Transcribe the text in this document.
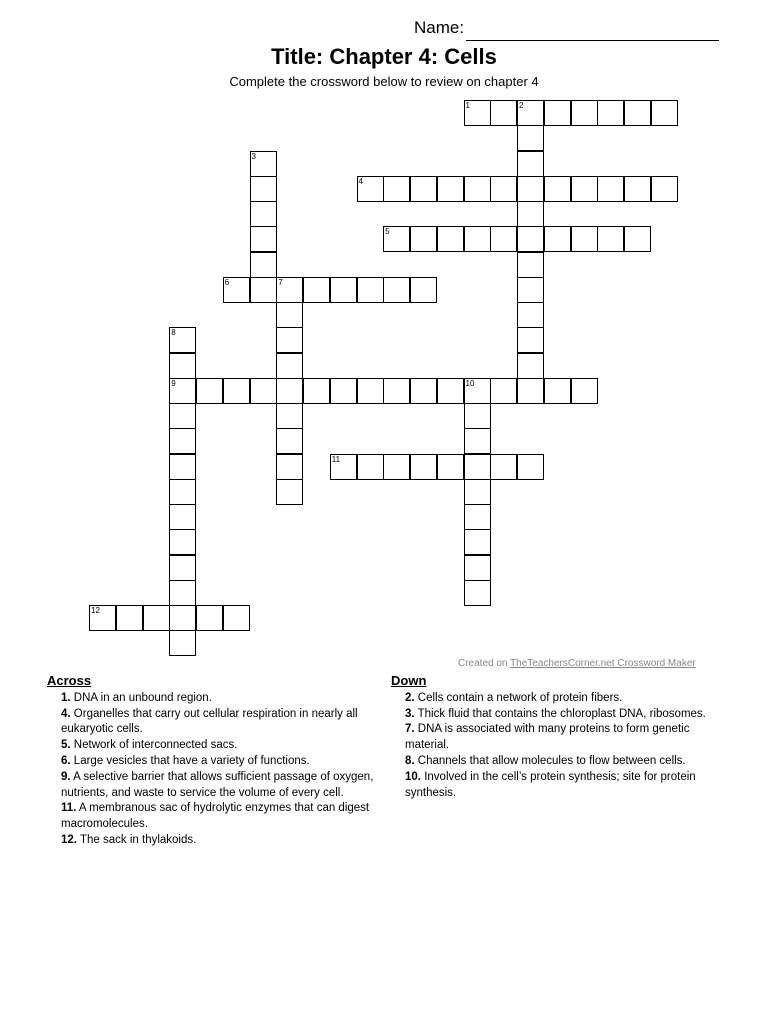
Name:
Title: Chapter 4: Cells
Complete the crossword below to review on chapter 4
1	2
3
4
5
6	7
8
9	10
11
12
Created on TheTeachersCorner.net Crossword Maker
Across
1. DNA in an unbound region.
4. Organelles that carry out cellular respiration in nearly all eukaryotic cells.
5. Network of interconnected sacs.
6. Large vesicles that have a variety of functions.
9. A selective barrier that allows sufficient passage of oxygen, nutrients, and waste to service the volume of every cell.
11. A membranous sac of hydrolytic enzymes that can digest macromolecules.
12. The sack in thylakoids.
Down
2. Cells contain a network of protein fibers.
3. Thick fluid that contains the chloroplast DNA, ribosomes.
7. DNA is associated with many proteins to form genetic material.
8. Channels that allow molecules to flow between cells.
10. Involved in the cell’s protein synthesis; site for protein synthesis.
